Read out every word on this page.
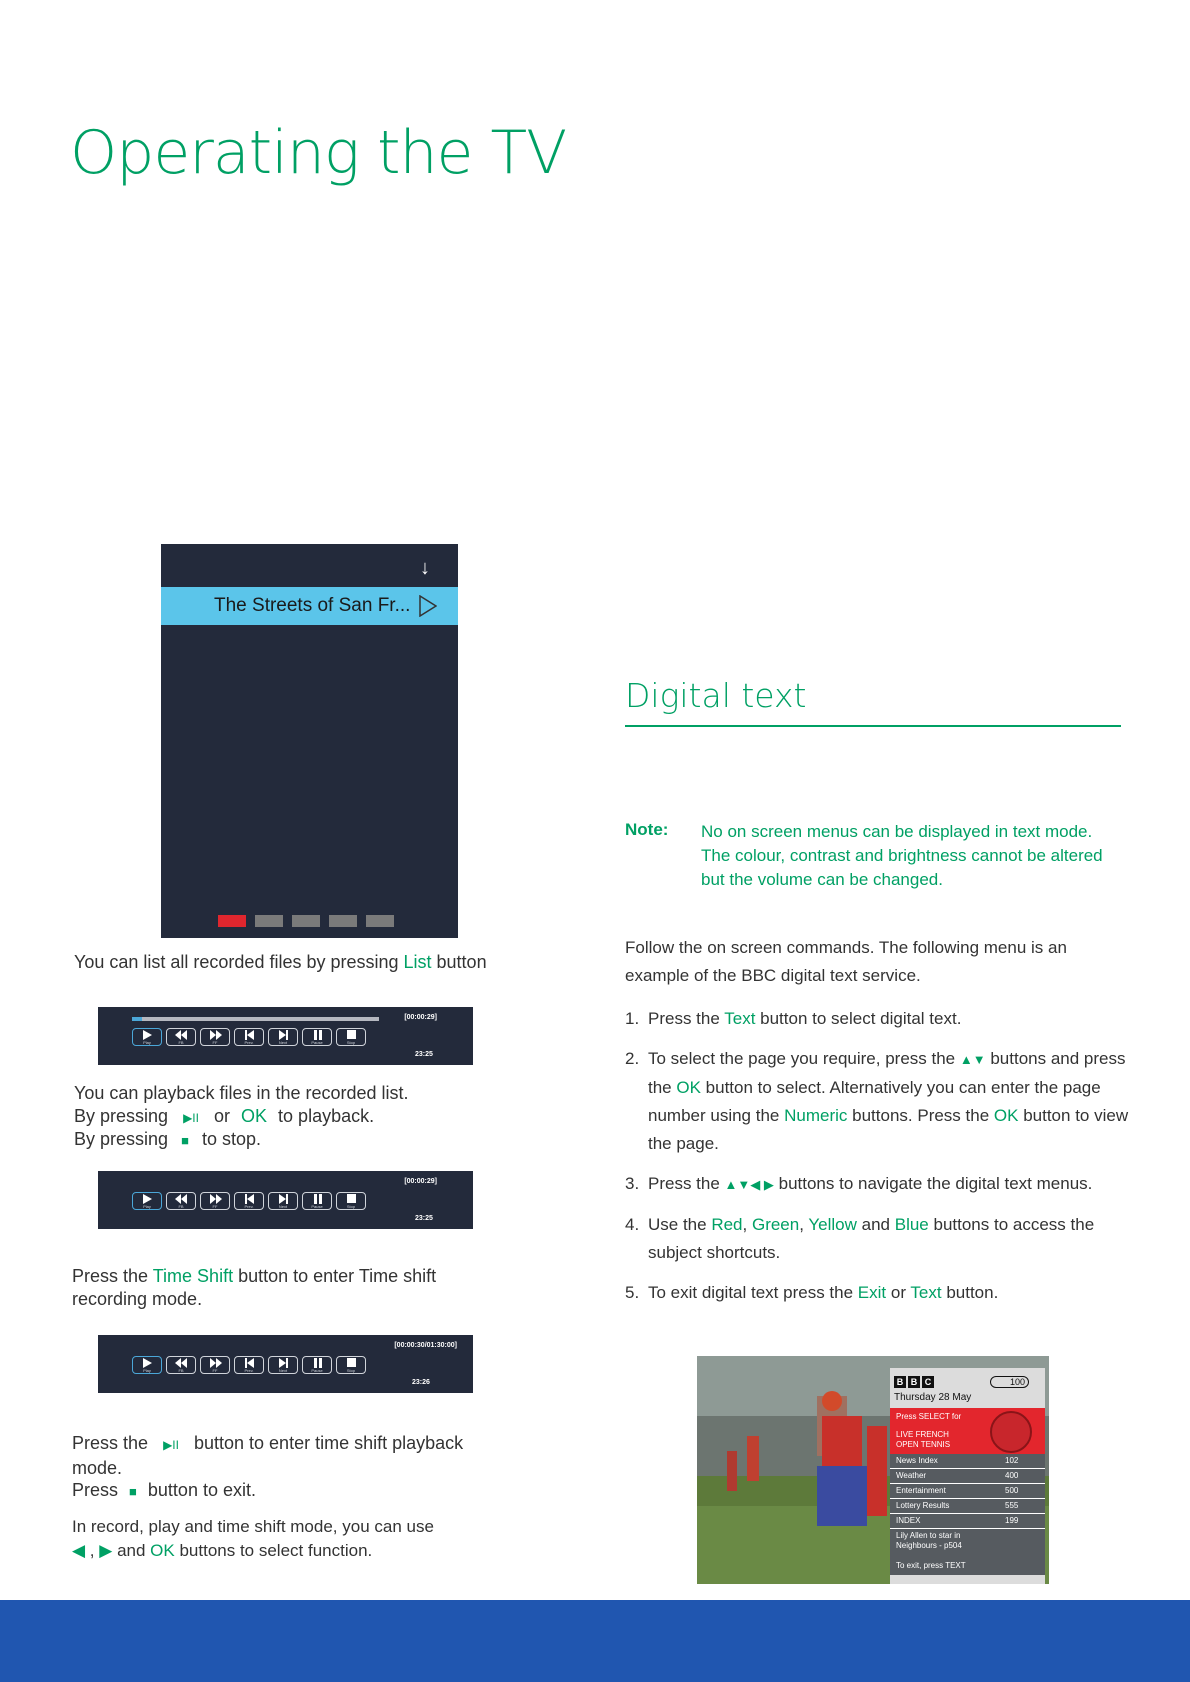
Operating the TV
↓
The Streets of San Fr...

You can list all recorded files by pressing List button

[00:00:29]
Play	FB	FF	Prev.	Next	Pause	Stop
23:25

You can playback files in the recorded list.

By pressing ▶II or OK to playback.

By pressing ■ to stop.

[00:00:29]
Play	FB	FF	Prev.	Next	Pause	Stop
23:25

Press the Time Shift button to enter Time shift recording mode.

[00:00:30/01:30:00]
Play	FB	FF	Prev.	Next	Pause	Stop
23:26

Press the ▶II button to enter time shift playback mode.

Press ■ button to exit.

In record, play and time shift mode, you can use

◀ , ▶ and OK buttons to select function.

Digital text
Note: No on screen menus can be displayed in text mode. The colour, contrast and brightness cannot be altered but the volume can be changed.
Follow the on screen commands. The following menu is an example of the BBC digital text service.
1. Press the Text button to select digital text.
2. To select the page you require, press the ▲▼ buttons and press the OK button to select. Alternatively you can enter the page number using the Numeric buttons. Press the OK button to view the page.
3. Press the ▲▼◀ ▶ buttons to navigate the digital text menus.
4. Use the Red, Green, Yellow and Blue buttons to access the subject shortcuts.
5. To exit digital text press the Exit or Text button.
B B C	100
Thursday 28 May
Press SELECT for
LIVE FRENCH
OPEN TENNIS
News Index	102
Weather	400
Entertainment	500
Lottery Results	555
INDEX	199
Lily Allen to star in
Neighbours - p504
To exit, press TEXT
